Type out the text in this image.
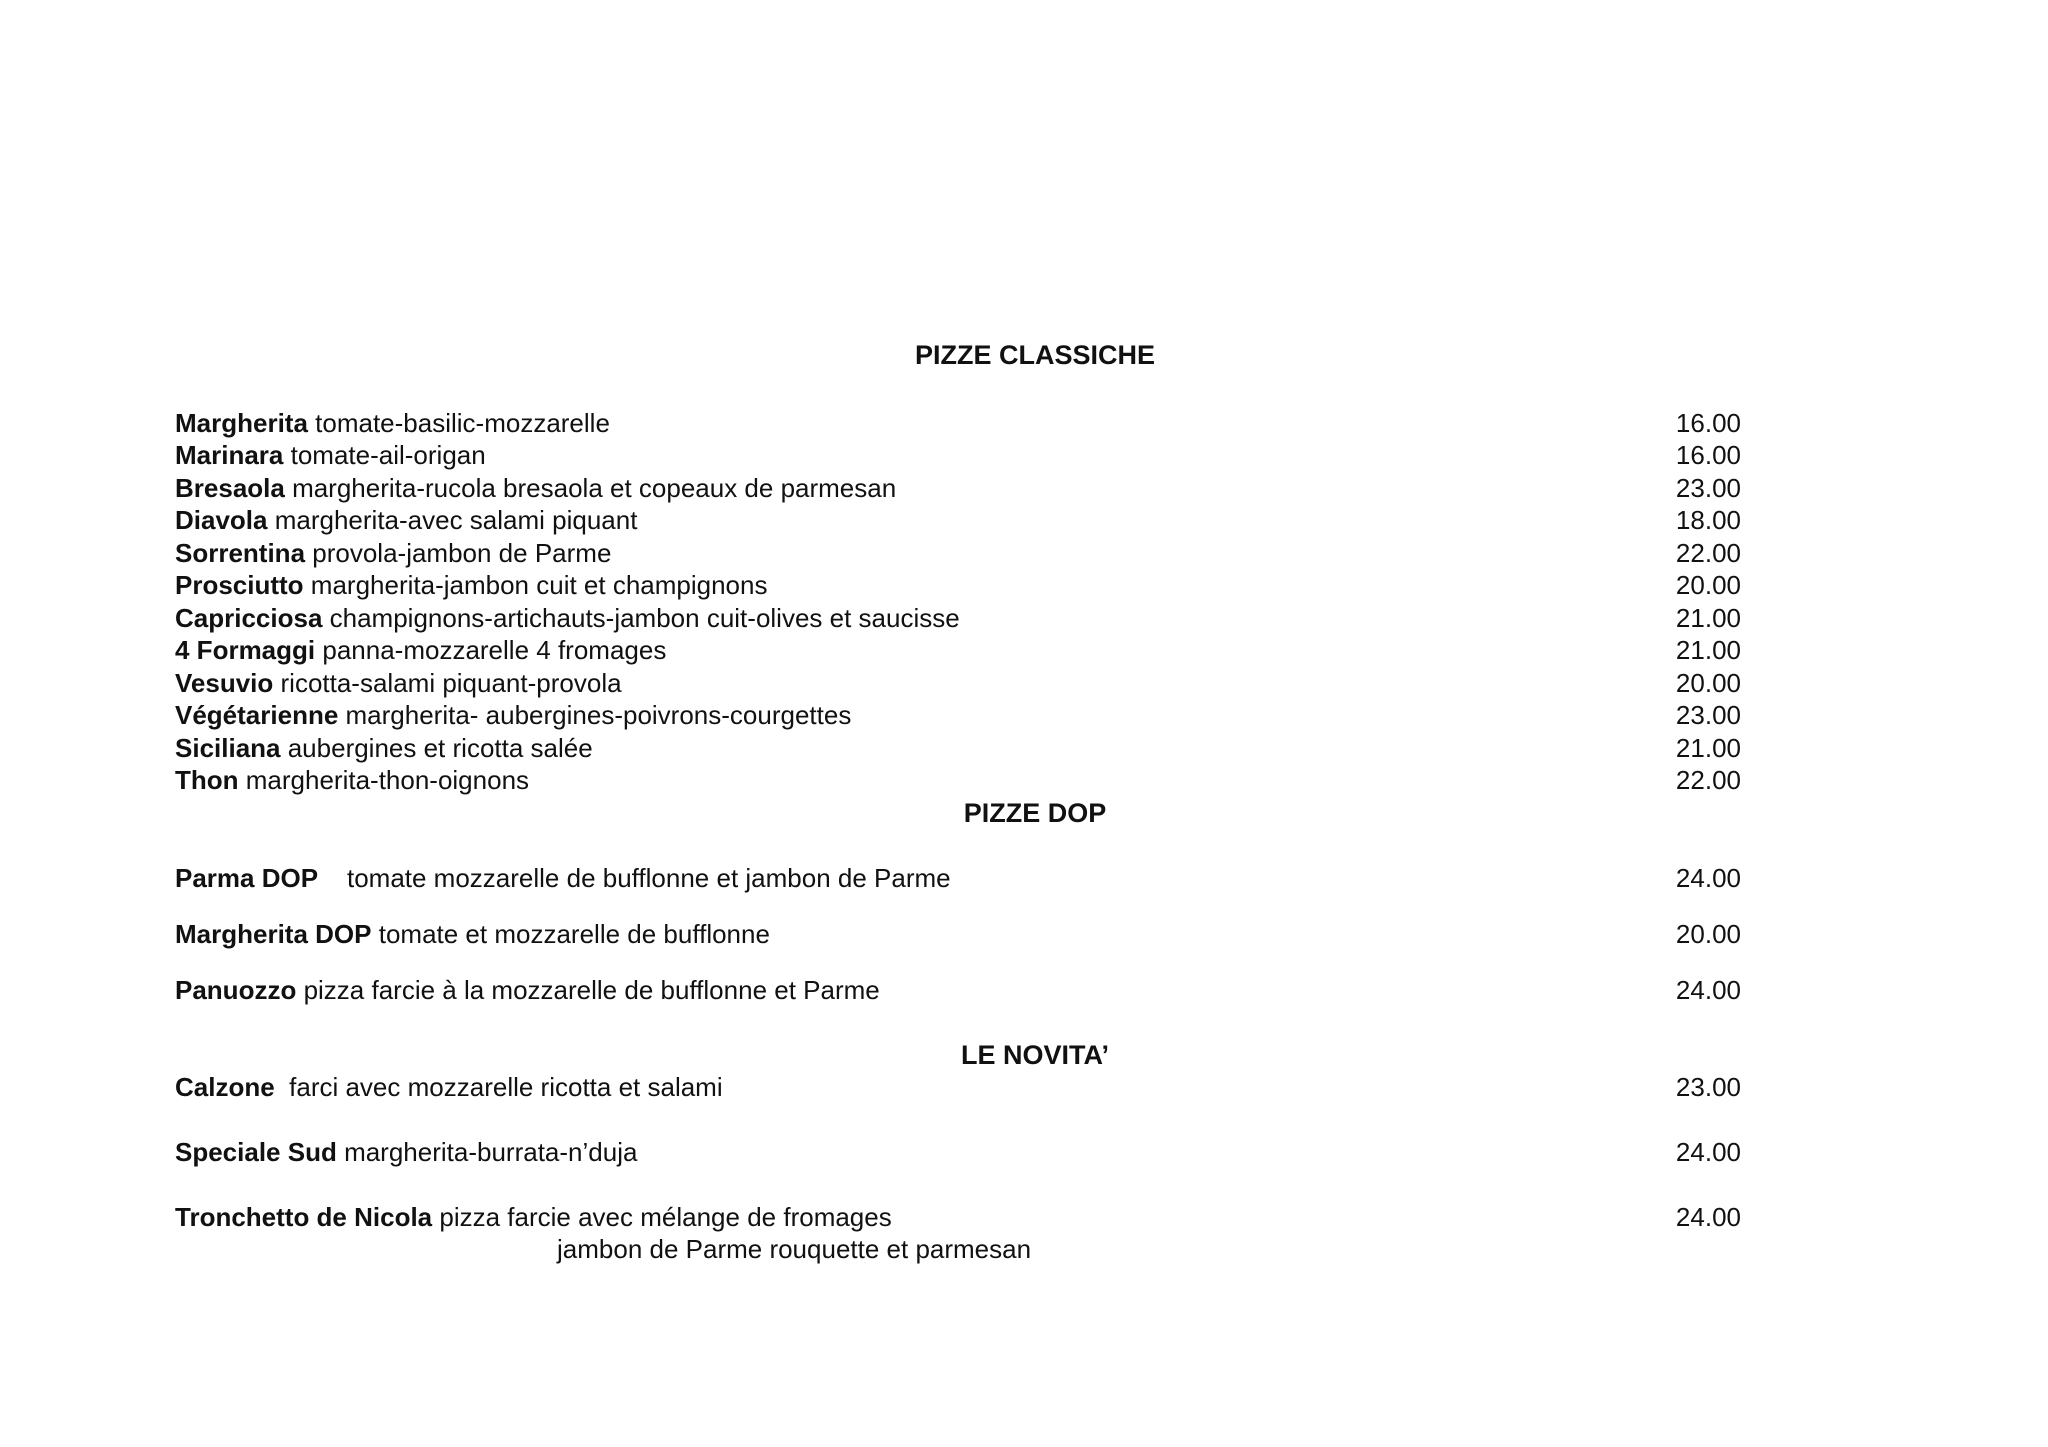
PIZZE CLASSICHE
Margherita tomate-basilic-mozzarelle	16.00
Marinara tomate-ail-origan	16.00
Bresaola margherita-rucola bresaola et copeaux de parmesan	23.00
Diavola margherita-avec salami piquant	18.00
Sorrentina provola-jambon de Parme	22.00
Prosciutto margherita-jambon cuit et champignons	20.00
Capricciosa champignons-artichauts-jambon cuit-olives et saucisse	21.00
4 Formaggi panna-mozzarelle 4 fromages	21.00
Vesuvio ricotta-salami piquant-provola	20.00
Végétarienne margherita- aubergines-poivrons-courgettes	23.00
Siciliana aubergines et ricotta salée	21.00
Thon margherita-thon-oignons	22.00
PIZZE DOP
Parma DOP    tomate mozzarelle de bufflonne et jambon de Parme	24.00
Margherita DOP tomate et mozzarelle de bufflonne	20.00
Panuozzo pizza farcie à la mozzarelle de bufflonne et Parme	24.00
LE NOVITA’
Calzone  farci avec mozzarelle ricotta et salami	23.00
Speciale Sud margherita-burrata-n’duja	24.00
Tronchetto de Nicola pizza farcie avec mélange de fromages	24.00
jambon de Parme rouquette et parmesan
